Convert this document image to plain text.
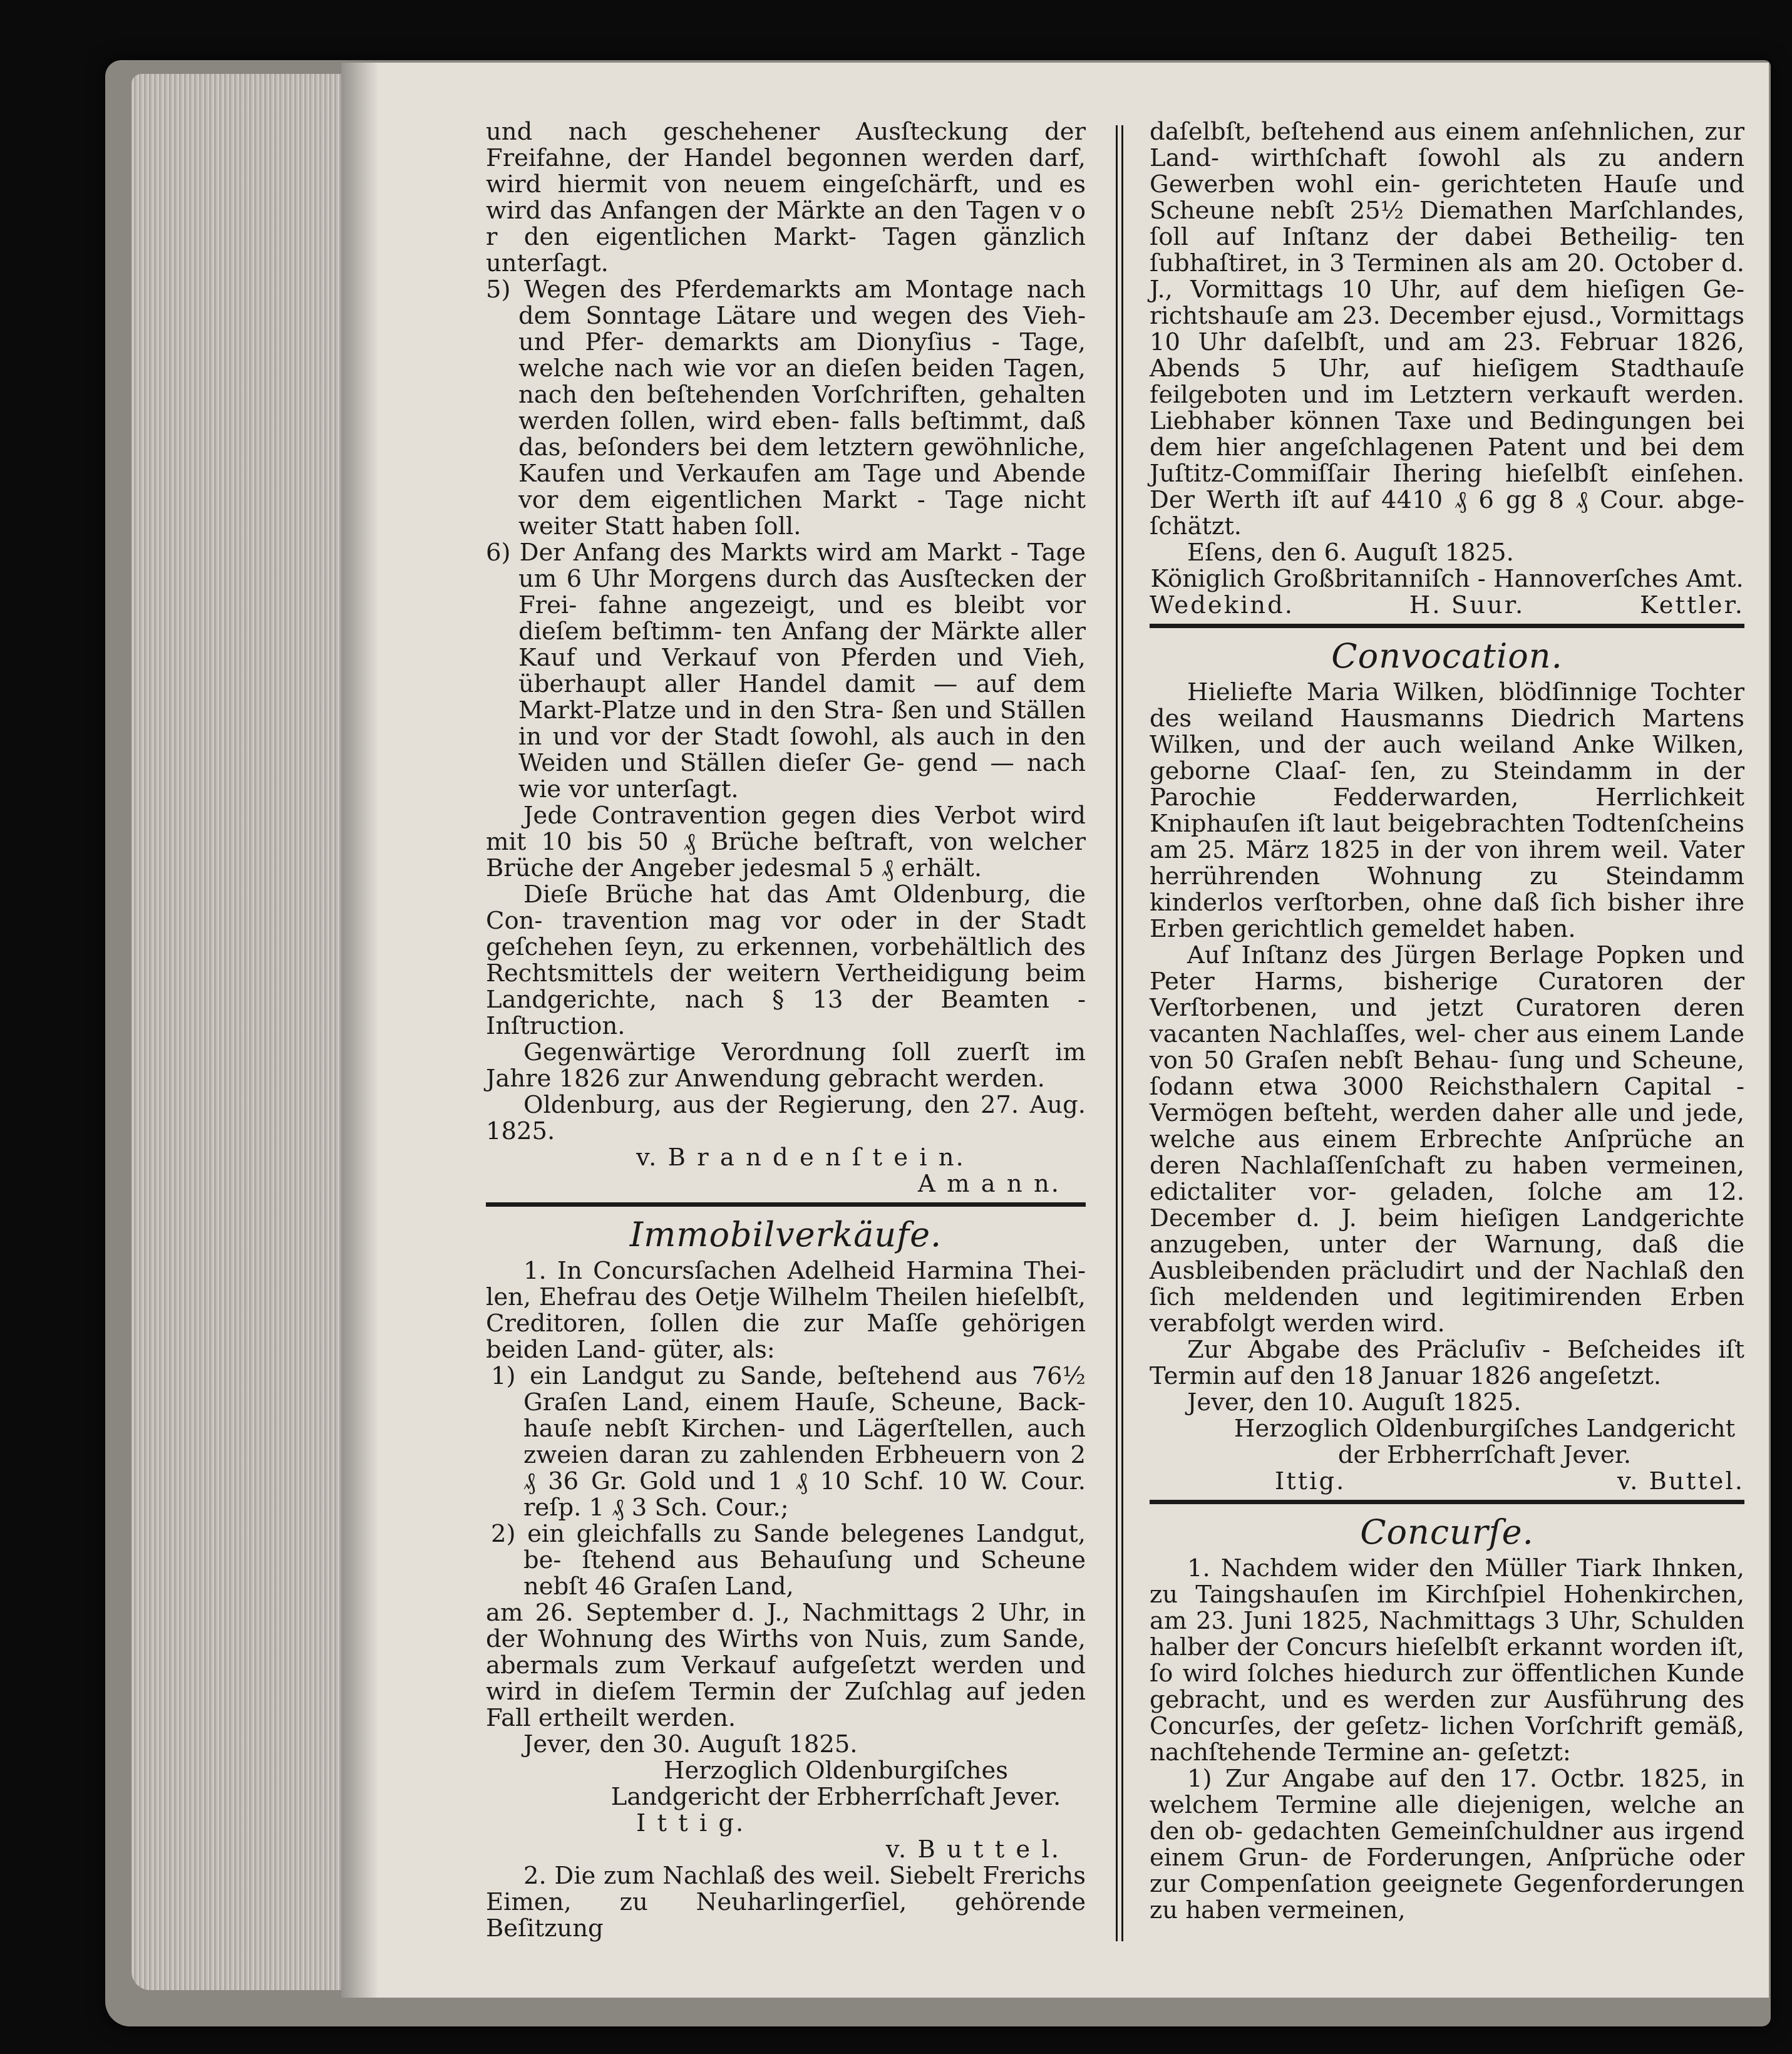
und nach geschehener Ausſteckung der Freifahne, der Handel begonnen werden darf, wird hiermit von neuem eingeſchärft, und es wird das Anfangen der Märkte an den Tagen v o r den eigentlichen Markt- Tagen gänzlich unterſagt.

5) Wegen des Pferdemarkts am Montage nach dem Sonntage Lätare und wegen des Vieh- und Pfer- demarkts am Dionyſius - Tage, welche nach wie vor an dieſen beiden Tagen, nach den beſtehenden Vorſchriften, gehalten werden ſollen, wird eben- falls beſtimmt, daß das, beſonders bei dem letztern gewöhnliche, Kaufen und Verkaufen am Tage und Abende vor dem eigentlichen Markt - Tage nicht weiter Statt haben ſoll.

6) Der Anfang des Markts wird am Markt - Tage um 6 Uhr Morgens durch das Ausſtecken der Frei- fahne angezeigt, und es bleibt vor dieſem beſtimm- ten Anfang der Märkte aller Kauf und Verkauf von Pferden und Vieh, überhaupt aller Handel damit — auf dem Markt-Platze und in den Stra- ßen und Ställen in und vor der Stadt ſowohl, als auch in den Weiden und Ställen dieſer Ge- gend — nach wie vor unterſagt.

Jede Contravention gegen dies Verbot wird mit 10 bis 50 ₰ Brüche beſtraft, von welcher Brüche der Angeber jedesmal 5 ₰ erhält.

Dieſe Brüche hat das Amt Oldenburg, die Con- travention mag vor oder in der Stadt geſchehen ſeyn, zu erkennen, vorbehältlich des Rechtsmittels der weitern Vertheidigung beim Landgerichte, nach § 13 der Beamten - Inſtruction.

Gegenwärtige Verordnung ſoll zuerſt im Jahre 1826 zur Anwendung gebracht werden.

Oldenburg, aus der Regierung, den 27. Aug. 1825.

v. B r a n d e n ſ t e i n.

A m a n n.

Immobilverkäufe.

1. In Concursſachen Adelheid Harmina Thei- len, Ehefrau des Oetje Wilhelm Theilen hieſelbſt, Creditoren, ſollen die zur Maſſe gehörigen beiden Land- güter, als:

1) ein Landgut zu Sande, beſtehend aus 76½ Graſen Land, einem Hauſe, Scheune, Back- hauſe nebſt Kirchen- und Lägerſtellen, auch zweien daran zu zahlenden Erbheuern von 2 ₰ 36 Gr. Gold und 1 ₰ 10 Schf. 10 W. Cour. reſp. 1 ₰ 3 Sch. Cour.;

2) ein gleichfalls zu Sande belegenes Landgut, be- ſtehend aus Behauſung und Scheune nebſt 46 Graſen Land,

am 26. September d. J., Nachmittags 2 Uhr, in der Wohnung des Wirths von Nuis, zum Sande, abermals zum Verkauf aufgeſetzt werden und wird in dieſem Termin der Zuſchlag auf jeden Fall ertheilt werden.

Jever, den 30. Auguſt 1825.

Herzoglich Oldenburgiſches Landgericht der Erbherrſchaft Jever.

I t t i g.

v. B u t t e l.

2. Die zum Nachlaß des weil. Siebelt Frerichs Eimen, zu Neuharlingerſiel, gehörende Beſitzung

daſelbſt, beſtehend aus einem anſehnlichen, zur Land- wirthſchaft ſowohl als zu andern Gewerben wohl ein- gerichteten Hauſe und Scheune nebſt 25½ Diemathen Marſchlandes, ſoll auf Inſtanz der dabei Betheilig- ten ſubhaſtiret, in 3 Terminen als am 20. October d. J., Vormittags 10 Uhr, auf dem hieſigen Ge- richtshauſe am 23. December ejusd., Vormittags 10 Uhr daſelbſt, und am 23. Februar 1826, Abends 5 Uhr, auf hieſigem Stadthauſe feilgeboten und im Letztern verkauft werden. Liebhaber können Taxe und Bedingungen bei dem hier angeſchlagenen Patent und bei dem Juſtitz-Commiſſair Ihering hieſelbſt einſehen. Der Werth iſt auf 4410 ₰ 6 gg 8 ₰ Cour. abge- ſchätzt.

Eſens, den 6. Auguſt 1825.

Königlich Großbritanniſch - Hannoverſches Amt.

Wedekind.	H. Suur.	Kettler.
Convocation.

Hieliefte Maria Wilken, blödſinnige Tochter des weiland Hausmanns Diedrich Martens Wilken, und der auch weiland Anke Wilken, geborne Claaſ- ſen, zu Steindamm in der Parochie Fedderwarden, Herrlichkeit Kniphauſen iſt laut beigebrachten Todtenſcheins am 25. März 1825 in der von ihrem weil. Vater herrührenden Wohnung zu Steindamm kinderlos verſtorben, ohne daß ſich bisher ihre Erben gerichtlich gemeldet haben.

Auf Inſtanz des Jürgen Berlage Popken und Peter Harms, bisherige Curatoren der Verſtorbenen, und jetzt Curatoren deren vacanten Nachlaſſes, wel- cher aus einem Lande von 50 Graſen nebſt Behau- ſung und Scheune, ſodann etwa 3000 Reichsthalern Capital - Vermögen beſteht, werden daher alle und jede, welche aus einem Erbrechte Anſprüche an deren Nachlaſſenſchaft zu haben vermeinen, edictaliter vor- geladen, ſolche am 12. December d. J. beim hieſigen Landgerichte anzugeben, unter der Warnung, daß die Ausbleibenden präcludirt und der Nachlaß den ſich meldenden und legitimirenden Erben verabfolgt werden wird.

Zur Abgabe des Präcluſiv - Beſcheides iſt Termin auf den 18 Januar 1826 angeſetzt.

Jever, den 10. Auguſt 1825.

Herzoglich Oldenburgiſches Landgericht der Erbherrſchaft Jever.

Ittig.	v. Buttel.
Concurſe.

1. Nachdem wider den Müller Tiark Ihnken, zu Taingshauſen im Kirchſpiel Hohenkirchen, am 23. Juni 1825, Nachmittags 3 Uhr, Schulden halber der Concurs hieſelbſt erkannt worden iſt, ſo wird ſolches hiedurch zur öffentlichen Kunde gebracht, und es werden zur Ausführung des Concurſes, der geſetz- lichen Vorſchrift gemäß, nachſtehende Termine an- geſetzt:

1) Zur Angabe auf den 17. Octbr. 1825, in welchem Termine alle diejenigen, welche an den ob- gedachten Gemeinſchuldner aus irgend einem Grun- de Forderungen, Anſprüche oder zur Compenſation geeignete Gegenforderungen zu haben vermeinen,
